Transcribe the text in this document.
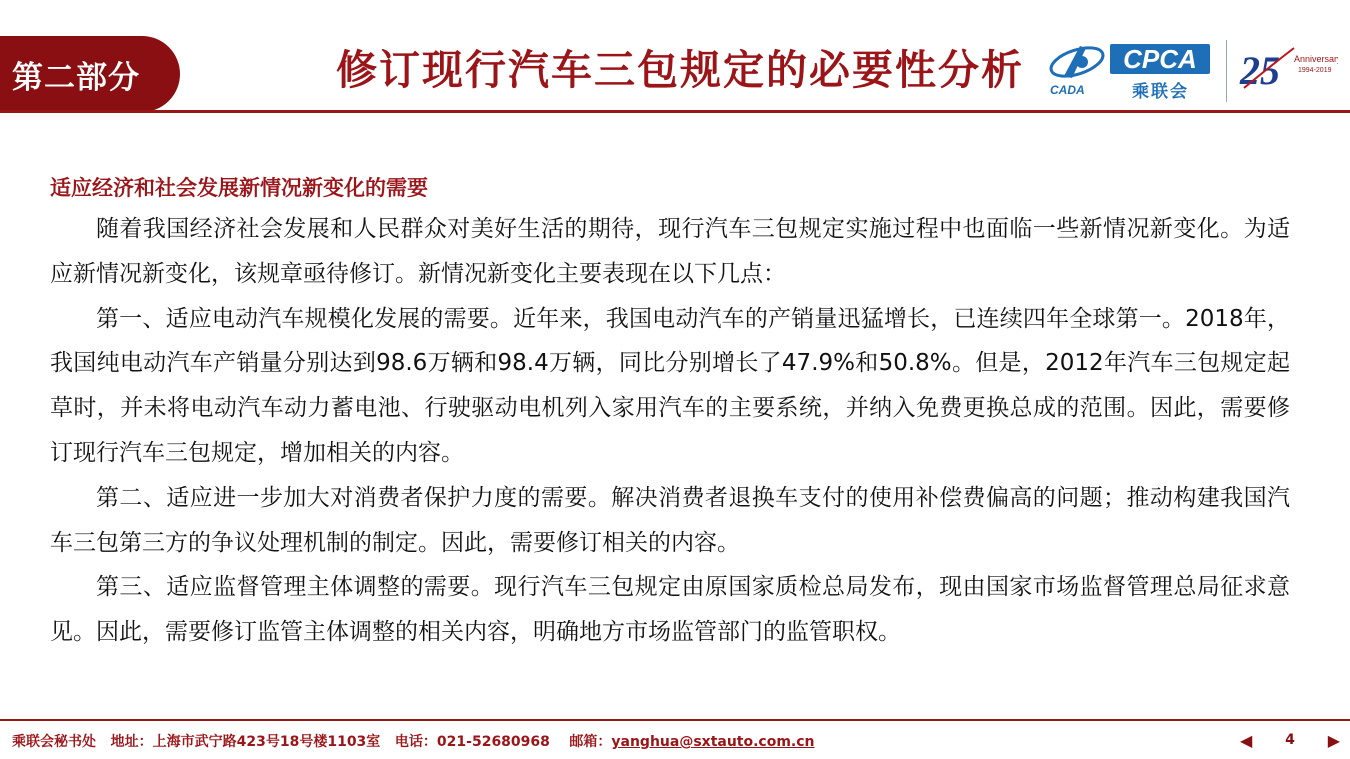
第二部分	修订现行汽车三包规定的必要性分析 CADA
CPCA
乘联会 25 Anniversary
1994-2019
适应经济和社会发展新情况新变化的需要

随着我国经济社会发展和人民群众对美好生活的期待，现行汽车三包规定实施过程中也面临一些新情况新变化。为适应新情况新变化，该规章亟待修订。新情况新变化主要表现在以下几点：

第一、适应电动汽车规模化发展的需要。近年来，我国电动汽车的产销量迅猛增长，已连续四年全球第一。2018年，我国纯电动汽车产销量分别达到98.6万辆和98.4万辆，同比分别增长了47.9%和50.8%。但是，2012年汽车三包规定起草时，并未将电动汽车动力蓄电池、行驶驱动电机列入家用汽车的主要系统，并纳入免费更换总成的范围。因此，需要修订现行汽车三包规定，增加相关的内容。

第二、适应进一步加大对消费者保护力度的需要。解决消费者退换车支付的使用补偿费偏高的问题；推动构建我国汽车三包第三方的争议处理机制的制定。因此，需要修订相关的内容。

第三、适应监督管理主体调整的需要。现行汽车三包规定由原国家质检总局发布，现由国家市场监督管理总局征求意见。因此，需要修订监管主体调整的相关内容，明确地方市场监管部门的监管职权。

乘联会秘书处 地址：上海市武宁路423号18号楼1103室 电话：021-52680968 邮箱：yanghua@sxtauto.com.cn	◀ 4 ▶
